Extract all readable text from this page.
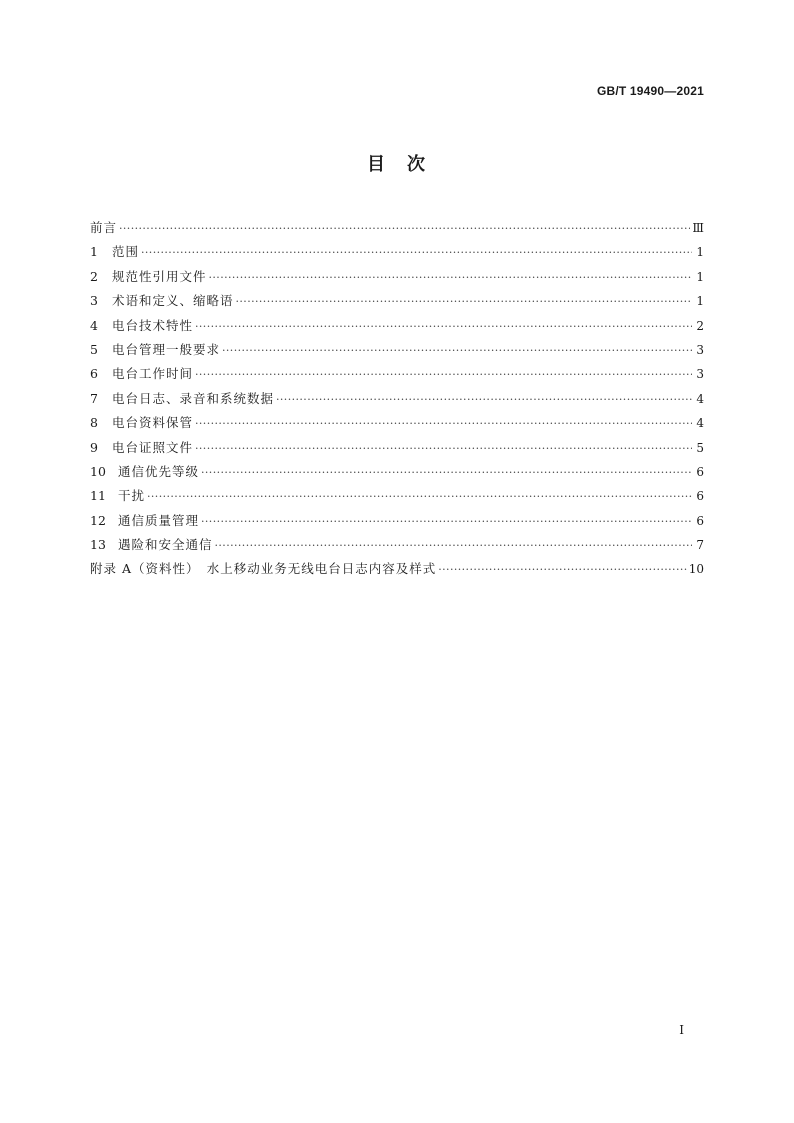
GB/T 19490—2021
目　次
前言 ·····	Ⅲ
1	范围 ·····	1
2	规范性引用文件 ·····	1
3	术语和定义、缩略语 ·····	1
4	电台技术特性 ·····	2
5	电台管理一般要求 ·····	3
6	电台工作时间 ·····	3
7	电台日志、录音和系统数据 ·····	4
8	电台资料保管 ·····	4
9	电台证照文件 ·····	5
10 通信优先等级 ·····	6
11 干扰 ·····	6
12 通信质量管理 ·····	6
13 遇险和安全通信 ·····	7
附录 A（资料性）　水上移动业务无线电台日志内容及样式 ·····	10
I
